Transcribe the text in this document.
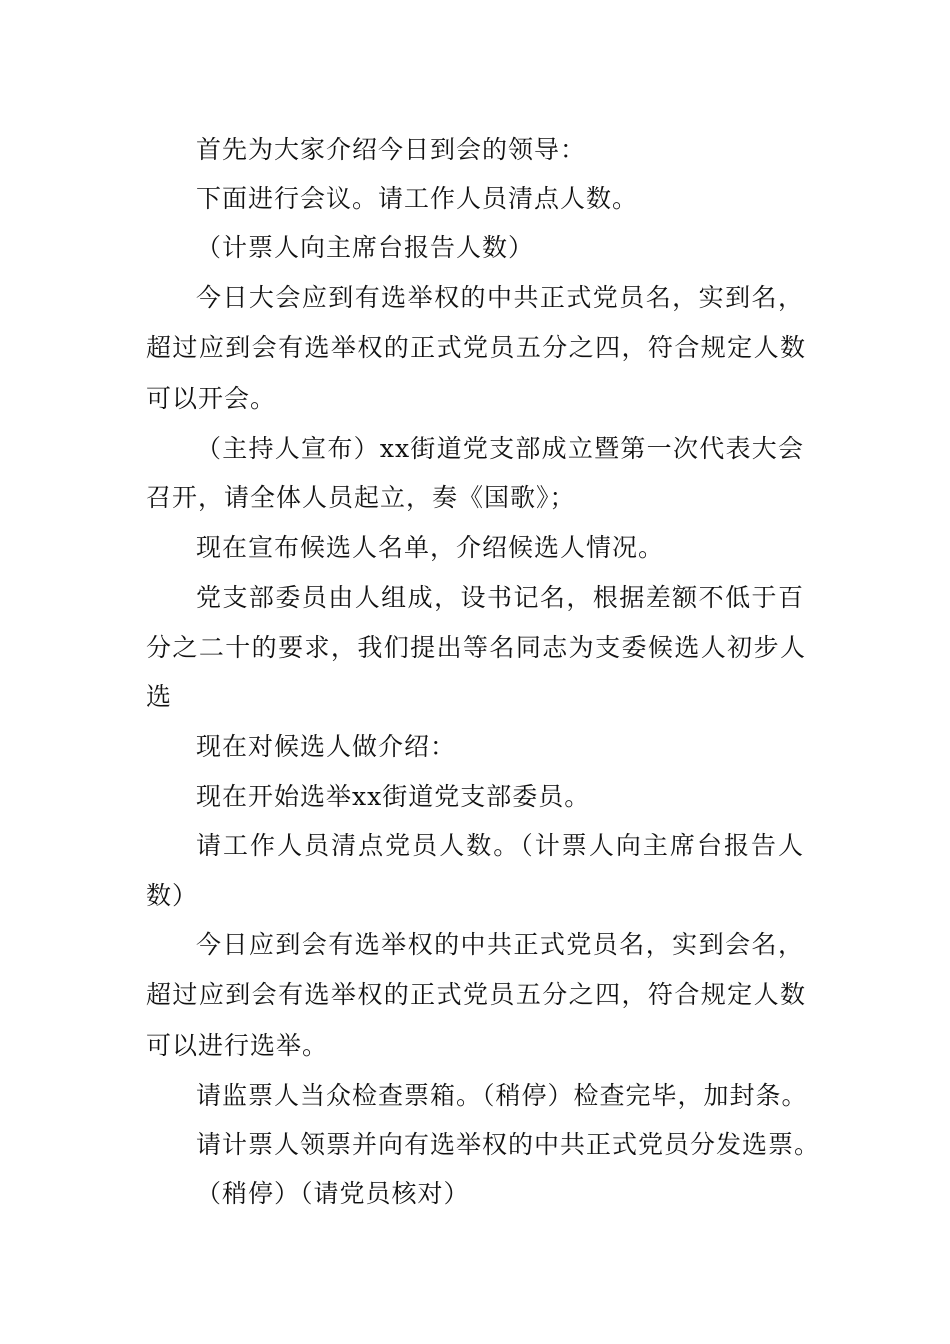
首先为大家介绍今日到会的领导：
下面进行会议。请工作人员清点人数。
（计票人向主席台报告人数）
今日大会应到有选举权的中共正式党员名，实到名，
超过应到会有选举权的正式党员五分之四，符合规定人数
可以开会。
（主持人宣布）xx街道党支部成立暨第一次代表大会
召开，请全体人员起立，奏《国歌》；
现在宣布候选人名单，介绍候选人情况。
党支部委员由人组成，设书记名，根据差额不低于百
分之二十的要求，我们提出等名同志为支委候选人初步人
选
现在对候选人做介绍：
现在开始选举xx街道党支部委员。
请工作人员清点党员人数。（计票人向主席台报告人
数）
今日应到会有选举权的中共正式党员名，实到会名，
超过应到会有选举权的正式党员五分之四，符合规定人数
可以进行选举。
请监票人当众检查票箱。（稍停）检查完毕，加封条。
请计票人领票并向有选举权的中共正式党员分发选票。
（稍停）（请党员核对）
